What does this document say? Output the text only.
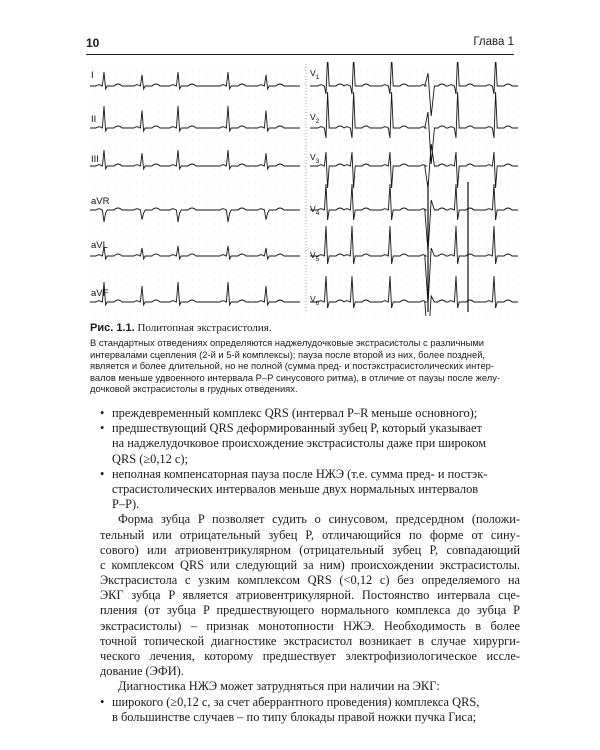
10	Глава 1
I
II
III
aVR
aVL
aVF
$V_1$
$V_2$
$V_3$
$V_4$
$V_5$
$V_6$
Рис. 1.1. Политопная экстрасистолия.
В стандартных отведениях определяются наджелудочковые экстрасистолы с различными
интервалами сцепления (2-й и 5-й комплексы); пауза после второй из них, более поздней,
является и более длительной, но не полной (сумма пред- и постэкстрасистолических интер-
валов меньше удвоенного интервала Р–Р синусового ритма), в отличие от паузы после желу-
дочковой экстрасистолы в грудных отведениях.
• преждевременный комплекс QRS (интервал P–R меньше основного);
• предшествующий QRS деформированный зубец P, который указывает
на наджелудочковое происхождение экстрасистолы даже при широком
QRS (≥0,12 с);
• неполная компенсаторная пауза после НЖЭ (т.е. сумма пред- и постэк-
страсистолических интервалов меньше двух нормальных интервалов
P–P).
Форма зубца P позволяет судить о синусовом, предсердном (положи-
тельный или отрицательный зубец P, отличающийся по форме от сину-
сового) или атриовентрикулярном (отрицательный зубец P, совпадающий
с комплексом QRS или следующий за ним) происхождении экстрасистолы.
Экстрасистола с узким комплексом QRS (<0,12 с) без определяемого на
ЭКГ зубца P является атриовентрикулярной. Постоянство интервала сце-
пления (от зубца P предшествующего нормального комплекса до зубца P
экстрасистолы) – признак монотопности НЖЭ. Необходимость в более
точной топической диагностике экстрасистол возникает в случае хирурги-
ческого лечения, которому предшествует электрофизиологическое иссле-
дование (ЭФИ).
Диагностика НЖЭ может затрудняться при наличии на ЭКГ:
• широкого (≥0,12 с, за счет аберрантного проведения) комплекса QRS,
в большинстве случаев – по типу блокады правой ножки пучка Гиса;
